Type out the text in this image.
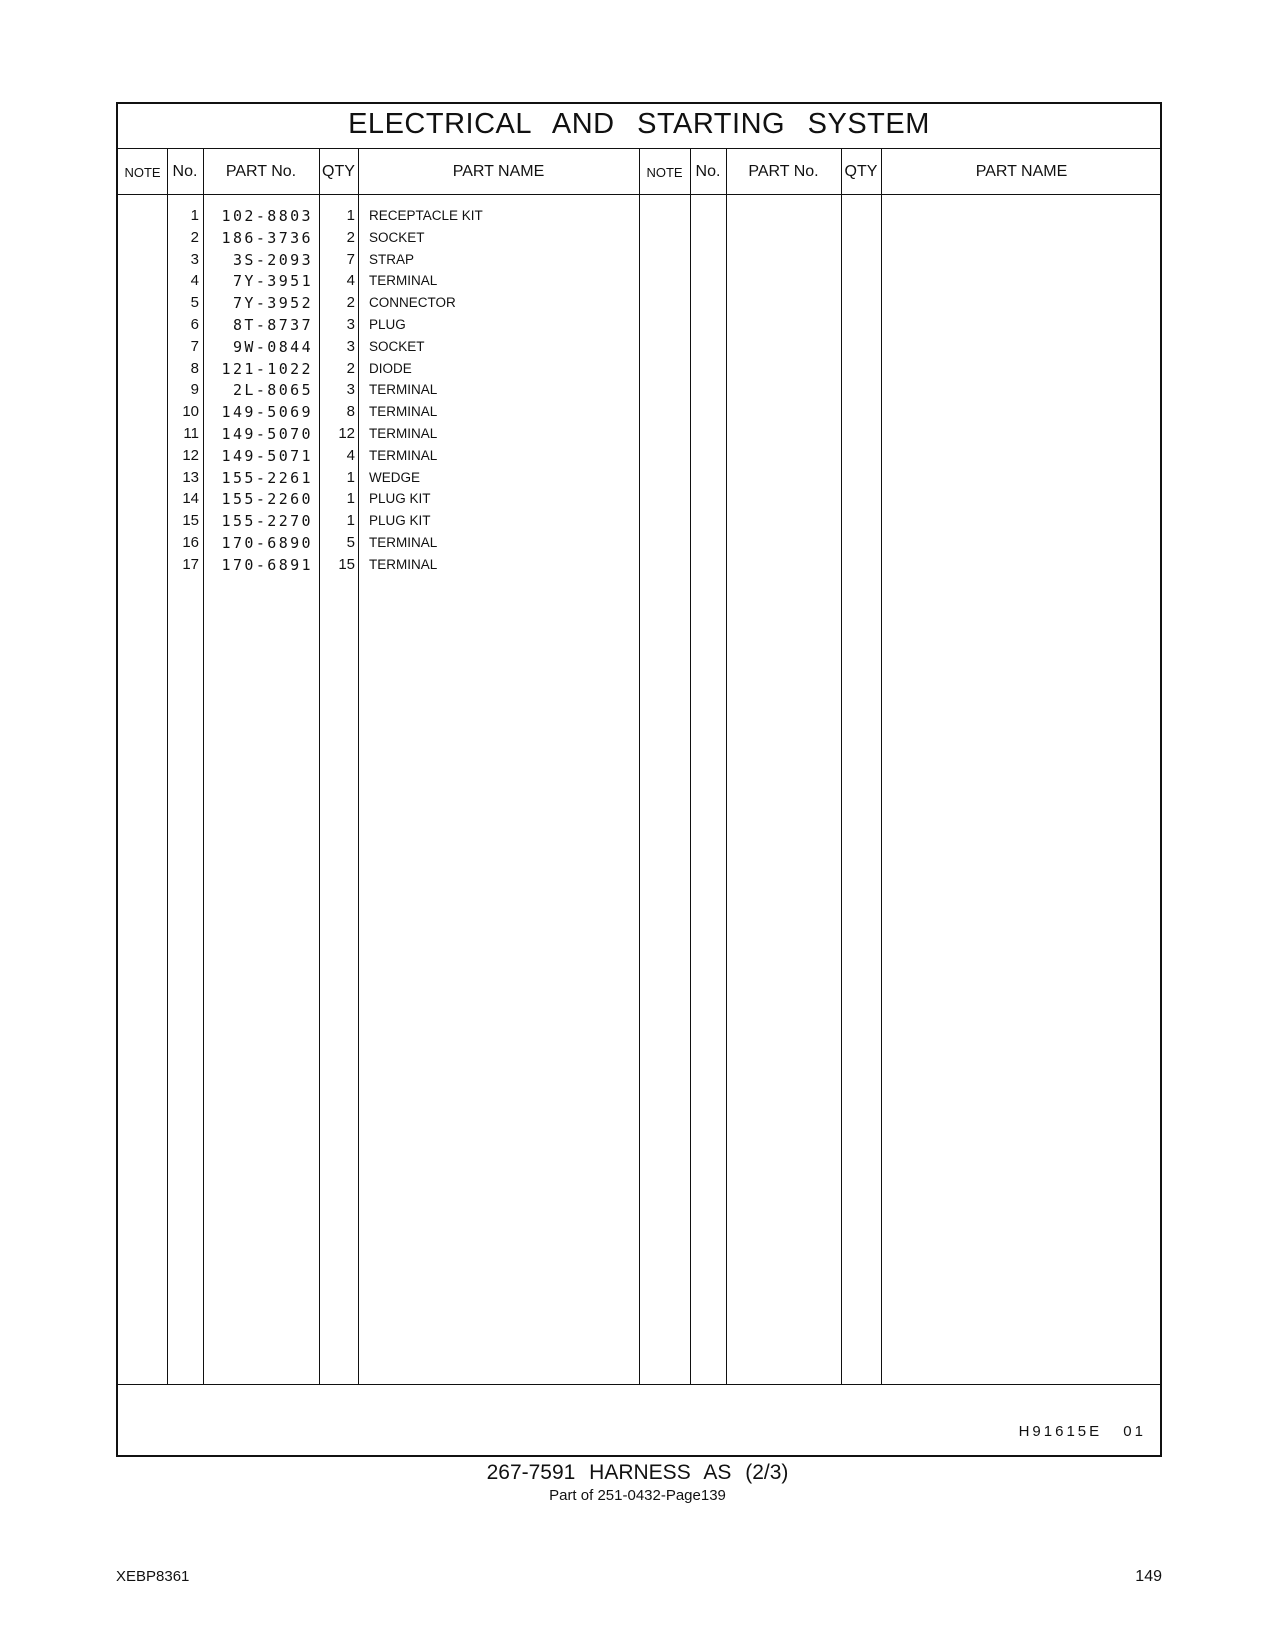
ELECTRICAL AND STARTING SYSTEM
NOTE No.	PART No.	QTY	PART NAME	NOTE No.	PART No.	QTY	PART NAME
1	102-8803	1 RECEPTACLE KIT
2	186-3736	2 SOCKET
3	3S-2093	7 STRAP
4	7Y-3951	4 TERMINAL
5	7Y-3952	2 CONNECTOR
6	8T-8737	3 PLUG
7	9W-0844	3 SOCKET
8	121-1022	2 DIODE
9	2L-8065	3 TERMINAL
10	149-5069	8 TERMINAL
11	149-5070	12 TERMINAL
12	149-5071	4 TERMINAL
13	155-2261	1 WEDGE
14	155-2260	1 PLUG KIT
15	155-2270	1 PLUG KIT
16	170-6890	5 TERMINAL
17	170-6891	15 TERMINAL
H91615E 01
267-7591 HARNESS AS (2/3)
Part of 251-0432-Page139
XEBP8361	149
